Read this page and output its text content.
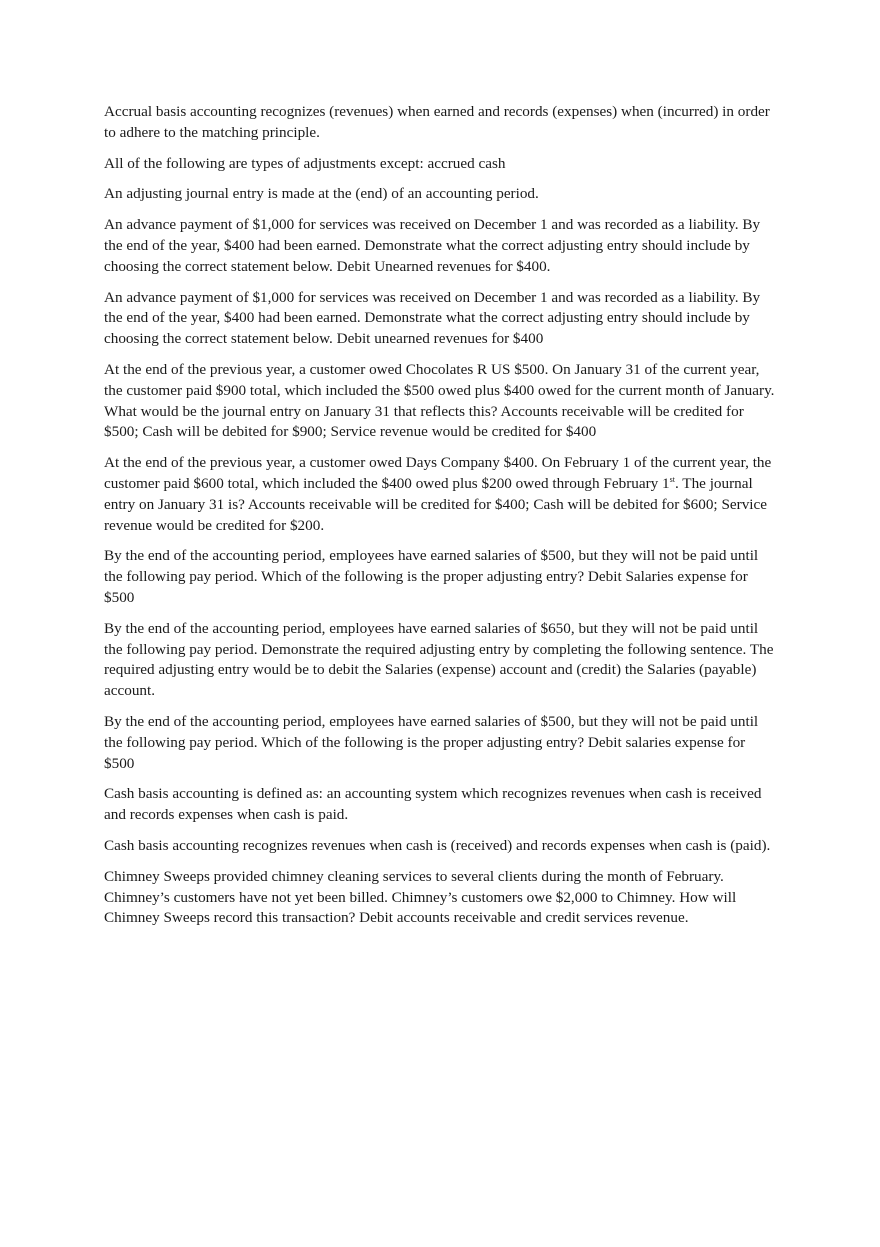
Accrual basis accounting recognizes (revenues) when earned and records (expenses) when (incurred) in order to adhere to the matching principle.

All of the following are types of adjustments except: accrued cash

An adjusting journal entry is made at the (end) of an accounting period.

An advance payment of $1,000 for services was received on December 1 and was recorded as a liability. By the end of the year, $400 had been earned. Demonstrate what the correct adjusting entry should include by choosing the correct statement below. Debit Unearned revenues for $400.

An advance payment of $1,000 for services was received on December 1 and was recorded as a liability. By the end of the year, $400 had been earned. Demonstrate what the correct adjusting entry should include by choosing the correct statement below. Debit unearned revenues for $400

At the end of the previous year, a customer owed Chocolates R US $500. On January 31 of the current year, the customer paid $900 total, which included the $500 owed plus $400 owed for the current month of January. What would be the journal entry on January 31 that reflects this? Accounts receivable will be credited for $500; Cash will be debited for $900; Service revenue would be credited for $400

At the end of the previous year, a customer owed Days Company $400. On February 1 of the current year, the customer paid $600 total, which included the $400 owed plus $200 owed through February 1st. The journal entry on January 31 is? Accounts receivable will be credited for $400; Cash will be debited for $600; Service revenue would be credited for $200.

By the end of the accounting period, employees have earned salaries of $500, but they will not be paid until the following pay period. Which of the following is the proper adjusting entry? Debit Salaries expense for $500

By the end of the accounting period, employees have earned salaries of $650, but they will not be paid until the following pay period. Demonstrate the required adjusting entry by completing the following sentence. The required adjusting entry would be to debit the Salaries (expense) account and (credit) the Salaries (payable) account.

By the end of the accounting period, employees have earned salaries of $500, but they will not be paid until the following pay period. Which of the following is the proper adjusting entry? Debit salaries expense for $500

Cash basis accounting is defined as: an accounting system which recognizes revenues when cash is received and records expenses when cash is paid.

Cash basis accounting recognizes revenues when cash is (received) and records expenses when cash is (paid).

Chimney Sweeps provided chimney cleaning services to several clients during the month of February. Chimney’s customers have not yet been billed. Chimney’s customers owe $2,000 to Chimney. How will Chimney Sweeps record this transaction? Debit accounts receivable and credit services revenue.
